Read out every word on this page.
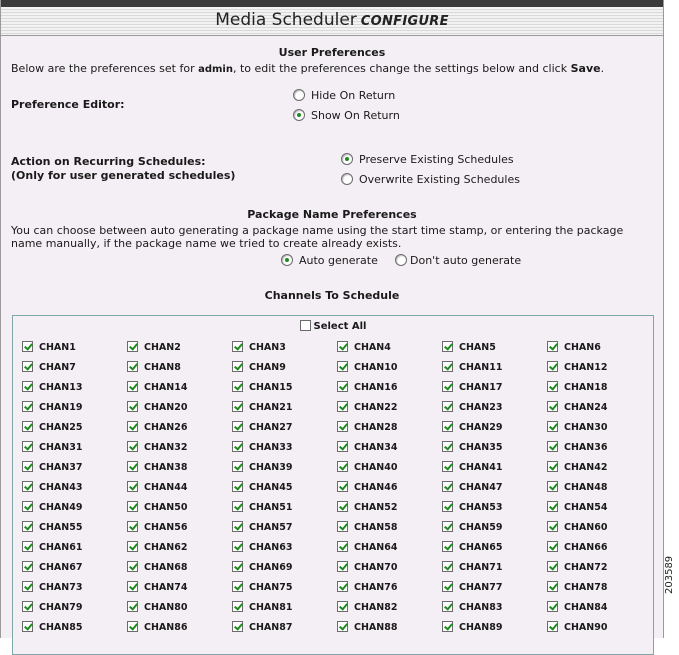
Media Scheduler CONFIGURE
User Preferences
Below are the preferences set for admin, to edit the preferences change the settings below and click Save.
Preference Editor:
Hide On Return
Show On Return
Action on Recurring Schedules:
(Only for user generated schedules)
Preserve Existing Schedules
Overwrite Existing Schedules
Package Name Preferences
You can choose between auto generating a package name using the start time stamp, or entering the package
name manually, if the package name we tried to create already exists.
Auto generate	Don't auto generate
Channels To Schedule
Select All
CHAN1	CHAN2	CHAN3	CHAN4	CHAN5	CHAN6
CHAN7	CHAN8	CHAN9	CHAN10	CHAN11	CHAN12
CHAN13	CHAN14	CHAN15	CHAN16	CHAN17	CHAN18
CHAN19	CHAN20	CHAN21	CHAN22	CHAN23	CHAN24
CHAN25	CHAN26	CHAN27	CHAN28	CHAN29	CHAN30
CHAN31	CHAN32	CHAN33	CHAN34	CHAN35	CHAN36
CHAN37	CHAN38	CHAN39	CHAN40	CHAN41	CHAN42
CHAN43	CHAN44	CHAN45	CHAN46	CHAN47	CHAN48
CHAN49	CHAN50	CHAN51	CHAN52	CHAN53	CHAN54
CHAN55	CHAN56	CHAN57	CHAN58	CHAN59	CHAN60
CHAN61	CHAN62	CHAN63	CHAN64	CHAN65	CHAN66
CHAN67	CHAN68	CHAN69	CHAN70	CHAN71	CHAN72
CHAN73	CHAN74	CHAN75	CHAN76	CHAN77	CHAN78
CHAN79	CHAN80	CHAN81	CHAN82	CHAN83	CHAN84
CHAN85	CHAN86	CHAN87	CHAN88	CHAN89	CHAN90
203589
